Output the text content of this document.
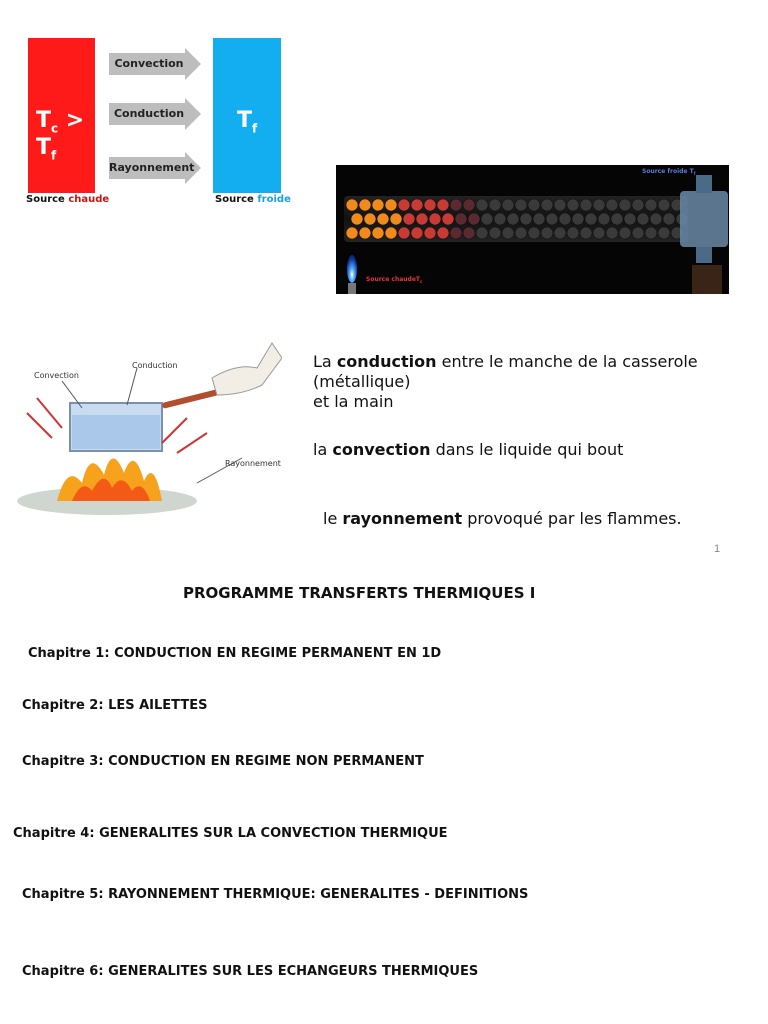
$T_c > T_f$
$T_f$
Convection
Conduction
Rayonnement
Source chaude	Source froide
Source froide $T_f$
Source chaudeT$_c$
Conduction
Convection
Rayonnement
La conduction entre le manche de la casserole (métallique)
et la main
la convection dans le liquide qui bout
le rayonnement provoqué par les flammes.
1
PROGRAMME TRANSFERTS THERMIQUES I
Chapitre 1: CONDUCTION EN REGIME PERMANENT EN 1D
Chapitre 2: LES AILETTES
Chapitre 3: CONDUCTION EN REGIME NON PERMANENT
Chapitre 4: GENERALITES SUR LA CONVECTION THERMIQUE
Chapitre 5: RAYONNEMENT THERMIQUE: GENERALITES - DEFINITIONS
Chapitre 6: GENERALITES SUR LES ECHANGEURS THERMIQUES
